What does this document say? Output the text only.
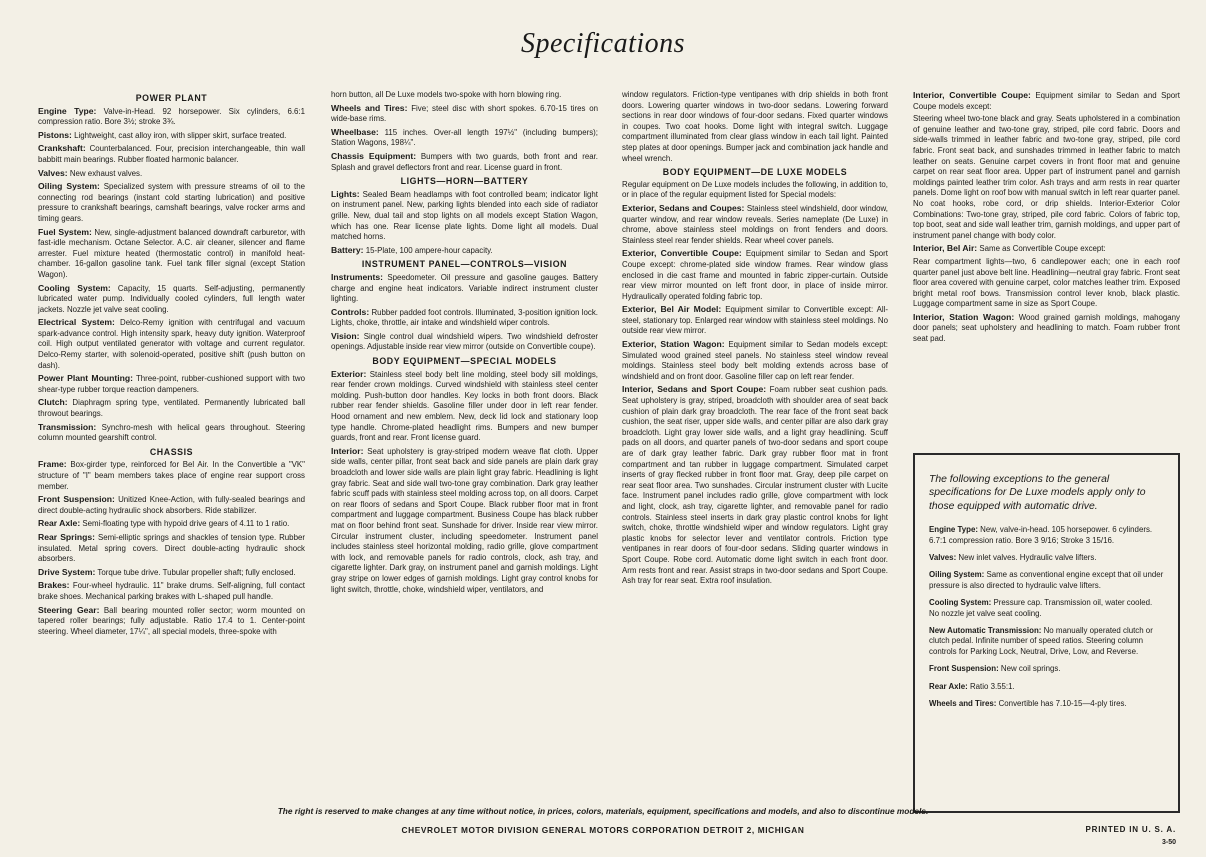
Specifications
POWER PLANT

Engine Type: Valve-in-Head. 92 horsepower. Six cylinders, 6.6:1 compression ratio. Bore 3½; stroke 3¾.

Pistons: Lightweight, cast alloy iron, with slipper skirt, surface treated.

Crankshaft: Counterbalanced. Four, precision interchangeable, thin wall babbitt main bearings. Rubber floated harmonic balancer.

Valves: New exhaust valves.

Oiling System: Specialized system with pressure streams of oil to the connecting rod bearings (instant cold starting lubrication) and positive pressure to crankshaft bearings, camshaft bearings, valve rocker arms and timing gears.

Fuel System: New, single-adjustment balanced downdraft carburetor, with fast-idle mechanism. Octane Selector. A.C. air cleaner, silencer and flame arrester. Fuel mixture heated (thermostatic control) in manifold heat-chamber. 16-gallon gasoline tank. Fuel tank filler signal (except Station Wagon).

Cooling System: Capacity, 15 quarts. Self-adjusting, permanently lubricated water pump. Individually cooled cylinders, full length water jackets. Nozzle jet valve seat cooling.

Electrical System: Delco-Remy ignition with centrifugal and vacuum spark-advance control. High intensity spark, heavy duty ignition. Waterproof coil. High output ventilated generator with voltage and current regulator. Delco-Remy starter, with solenoid-operated, positive shift (push button on dash).

Power Plant Mounting: Three-point, rubber-cushioned support with two shear-type rubber torque reaction dampeners.

Clutch: Diaphragm spring type, ventilated. Permanently lubricated ball throwout bearings.

Transmission: Synchro-mesh with helical gears throughout. Steering column mounted gearshift control.

CHASSIS

Frame: Box-girder type, reinforced for Bel Air. In the Convertible a "VK" structure of "I" beam members takes place of engine rear support cross member.

Front Suspension: Unitized Knee-Action, with fully-sealed bearings and direct double-acting hydraulic shock absorbers. Ride stabilizer.

Rear Axle: Semi-floating type with hypoid drive gears of 4.11 to 1 ratio.

Rear Springs: Semi-elliptic springs and shackles of tension type. Rubber insulated. Metal spring covers. Direct double-acting hydraulic shock absorbers.

Drive System: Torque tube drive. Tubular propeller shaft; fully enclosed.

Brakes: Four-wheel hydraulic. 11" brake drums. Self-aligning, full contact brake shoes. Mechanical parking brakes with L-shaped pull handle.

Steering Gear: Ball bearing mounted roller sector; worm mounted on tapered roller bearings; fully adjustable. Ratio 17.4 to 1. Center-point steering. Wheel diameter, 17¼", all special models, three-spoke with

horn button, all De Luxe models two-spoke with horn blowing ring.

Wheels and Tires: Five; steel disc with short spokes. 6.70-15 tires on wide-base rims.

Wheelbase: 115 inches. Over-all length 197½" (including bumpers); Station Wagons, 198¼".

Chassis Equipment: Bumpers with two guards, both front and rear. Splash and gravel deflectors front and rear. License guard in front.

LIGHTS—HORN—BATTERY

Lights: Sealed Beam headlamps with foot controlled beam; indicator light on instrument panel. New, parking lights blended into each side of radiator grille. New, dual tail and stop lights on all models except Station Wagon, which has one. Rear license plate lights. Dome light all models. Dual matched horns.

Battery: 15-Plate, 100 ampere-hour capacity.

INSTRUMENT PANEL—CONTROLS—VISION

Instruments: Speedometer. Oil pressure and gasoline gauges. Battery charge and engine heat indicators. Variable indirect instrument cluster lighting.

Controls: Rubber padded foot controls. Illuminated, 3-position ignition lock. Lights, choke, throttle, air intake and windshield wiper controls.

Vision: Single control dual windshield wipers. Two windshield defroster openings. Adjustable inside rear view mirror (outside on Convertible coupe).

BODY EQUIPMENT—SPECIAL MODELS

Exterior: Stainless steel body belt line molding, steel body sill moldings, rear fender crown moldings. Curved windshield with stainless steel center molding. Push-button door handles. Key locks in both front doors. Black rubber rear fender shields. Gasoline filler under door in left rear fender. Hood ornament and new emblem. New, deck lid lock and stationary loop type handle. Chrome-plated headlight rims. Bumpers and new bumper guards, front and rear. Front license guard.

Interior: Seat upholstery is gray-striped modern weave flat cloth. Upper side walls, center pillar, front seat back and side panels are plain dark gray broadcloth and lower side walls are plain light gray fabric. Headlining is light gray fabric. Seat and side wall two-tone gray combination. Dark gray leather fabric scuff pads with stainless steel molding across top, on all doors. Carpet on rear floors of sedans and Sport Coupe. Black rubber floor mat in front compartment and luggage compartment. Business Coupe has black rubber mat on floor behind front seat. Sunshade for driver. Inside rear view mirror. Circular instrument cluster, including speedometer. Instrument panel includes stainless steel horizontal molding, radio grille, glove compartment with lock, and removable panels for radio controls, clock, ash tray, and cigarette lighter. Dark gray, on instrument panel and garnish moldings. Light gray stripe on lower edges of garnish moldings. Light gray control knobs for light switch, throttle, choke, windshield wiper, ventilators, and

window regulators. Friction-type ventipanes with drip shields in both front doors. Lowering quarter windows in two-door sedans. Lowering forward sections in rear door windows of four-door sedans. Fixed quarter windows in coupes. Two coat hooks. Dome light with integral switch. Luggage compartment illuminated from clear glass window in each tail light. Painted step plates at door openings. Bumper jack and combination jack handle and wheel wrench.

BODY EQUIPMENT—DE LUXE MODELS

Regular equipment on De Luxe models includes the following, in addition to, or in place of the regular equipment listed for Special models:

Exterior, Sedans and Coupes: Stainless steel windshield, door window, quarter window, and rear window reveals. Series nameplate (De Luxe) in chrome, above stainless steel moldings on front fenders and doors. Stainless steel rear fender shields. Rear wheel cover panels.

Exterior, Convertible Coupe: Equipment similar to Sedan and Sport Coupe except: chrome-plated side window frames. Rear window glass enclosed in die cast frame and mounted in fabric zipper-curtain. Outside rear view mirror mounted on left front door, in place of inside mirror. Hydraulically operated folding fabric top.

Exterior, Bel Air Model: Equipment similar to Convertible except: All-steel, stationary top. Enlarged rear window with stainless steel moldings. No outside rear view mirror.

Exterior, Station Wagon: Equipment similar to Sedan models except: Simulated wood grained steel panels. No stainless steel window reveal moldings. Stainless steel body belt molding extends across base of windshield and on front door. Gasoline filler cap on left rear fender.

Interior, Sedans and Sport Coupe: Foam rubber seat cushion pads. Seat upholstery is gray, striped, broadcloth with shoulder area of seat back cushion of plain dark gray broadcloth. The rear face of the front seat back cushion, the seat riser, upper side walls, and center pillar are also dark gray broadcloth. Light gray lower side walls, and a light gray headlining. Scuff pads on all doors, and quarter panels of two-door sedans and sport coupe are of dark gray leather fabric. Dark gray rubber floor mat in front compartment and tan rubber in luggage compartment. Simulated carpet inserts of gray flecked rubber in front floor mat. Gray, deep pile carpet on rear seat floor area. Two sunshades. Circular instrument cluster with Lucite face. Instrument panel includes radio grille, glove compartment with lock and light, clock, ash tray, cigarette lighter, and removable panel for radio controls. Stainless steel inserts in dark gray plastic control knobs for light switch, choke, throttle windshield wiper and window regulators. Light gray plastic knobs for selector lever and ventilator controls. Friction type ventipanes in rear doors of four-door sedans. Sliding quarter windows in Sport Coupe. Robe cord. Automatic dome light switch in each front door. Arm rests front and rear. Assist straps in two-door sedans and Sport Coupe. Ash tray for rear seat. Extra roof insulation.

Interior, Convertible Coupe: Equipment similar to Sedan and Sport Coupe models except:

Steering wheel two-tone black and gray. Seats upholstered in a combination of genuine leather and two-tone gray, striped, pile cord fabric. Doors and side-walls trimmed in leather fabric and two-tone gray, striped, pile cord fabric. Front seat back, and sunshades trimmed in leather fabric to match leather on seats. Genuine carpet covers in front floor mat and genuine carpet on rear seat floor area. Upper part of instrument panel and garnish moldings painted leather trim color. Ash trays and arm rests in rear quarter panels. Dome light on roof bow with manual switch in left rear quarter panel. No coat hooks, robe cord, or drip shields. Interior-Exterior Color Combinations: Two-tone gray, striped, pile cord fabric. Colors of fabric top, top boot, seat and side wall leather trim, garnish moldings, and upper part of instrument panel change with body color.

Interior, Bel Air: Same as Convertible Coupe except:

Rear compartment lights—two, 6 candlepower each; one in each roof quarter panel just above belt line. Headlining—neutral gray fabric. Front seat floor area covered with genuine carpet, color matches leather trim. Exposed bright metal roof bows. Transmission control lever knob, black plastic. Luggage compartment same in size as Sport Coupe.

Interior, Station Wagon: Wood grained garnish moldings, mahogany door panels; seat upholstery and headlining to match. Foam rubber front seat pad.

The following exceptions to the general specifications for De Luxe models apply only to those equipped with automatic drive.

Engine Type: New, valve-in-head. 105 horsepower. 6 cylinders. 6.7:1 compression ratio. Bore 3 9/16; Stroke 3 15/16.

Valves: New inlet valves. Hydraulic valve lifters.

Oiling System: Same as conventional engine except that oil under pressure is also directed to hydraulic valve lifters.

Cooling System: Pressure cap. Transmission oil, water cooled. No nozzle jet valve seat cooling.

New Automatic Transmission: No manually operated clutch or clutch pedal. Infinite number of speed ratios. Steering column controls for Parking Lock, Neutral, Drive, Low, and Reverse.

Front Suspension: New coil springs.

Rear Axle: Ratio 3.55:1.

Wheels and Tires: Convertible has 7.10-15—4-ply tires.

The right is reserved to make changes at any time without notice, in prices, colors, materials, equipment, specifications and models, and also to discontinue models.
CHEVROLET MOTOR DIVISION GENERAL MOTORS CORPORATION DETROIT 2, MICHIGAN	PRINTED IN U. S. A.
3-50
